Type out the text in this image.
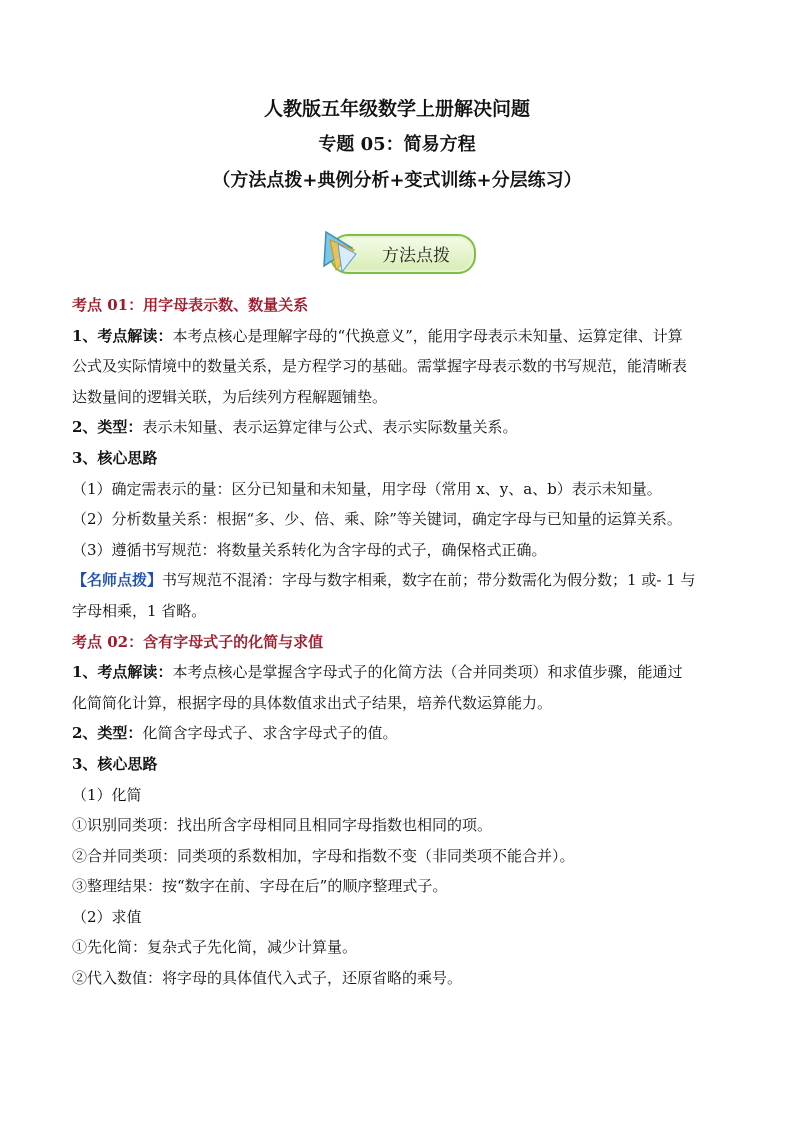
人教版五年级数学上册解决问题
专题 05：简易方程
（方法点拨+典例分析+变式训练+分层练习）
方法点拨
考点 01：用字母表示数、数量关系
1、考点解读：本考点核心是理解字母的“代换意义”，能用字母表示未知量、运算定律、计算
公式及实际情境中的数量关系，是方程学习的基础。需掌握字母表示数的书写规范，能清晰表
达数量间的逻辑关联，为后续列方程解题铺垫。
2、类型：表示未知量、表示运算定律与公式、表示实际数量关系。
3、核心思路
（1）确定需表示的量：区分已知量和未知量，用字母（常用 x、y、a、b）表示未知量。
（2）分析数量关系：根据“多、少、倍、乘、除”等关键词，确定字母与已知量的运算关系。
（3）遵循书写规范：将数量关系转化为含字母的式子，确保格式正确。
【名师点拨】书写规范不混淆：字母与数字相乘，数字在前；带分数需化为假分数；1 或- 1 与
字母相乘，1 省略。
考点 02：含有字母式子的化简与求值
1、考点解读：本考点核心是掌握含字母式子的化简方法（合并同类项）和求值步骤，能通过
化简简化计算，根据字母的具体数值求出式子结果，培养代数运算能力。
2、类型：化简含字母式子、求含字母式子的值。
3、核心思路
（1）化简
①识别同类项：找出所含字母相同且相同字母指数也相同的项。
②合并同类项：同类项的系数相加，字母和指数不变（非同类项不能合并）。
③整理结果：按“数字在前、字母在后”的顺序整理式子。
（2）求值
①先化简：复杂式子先化简，减少计算量。
②代入数值：将字母的具体值代入式子，还原省略的乘号。
